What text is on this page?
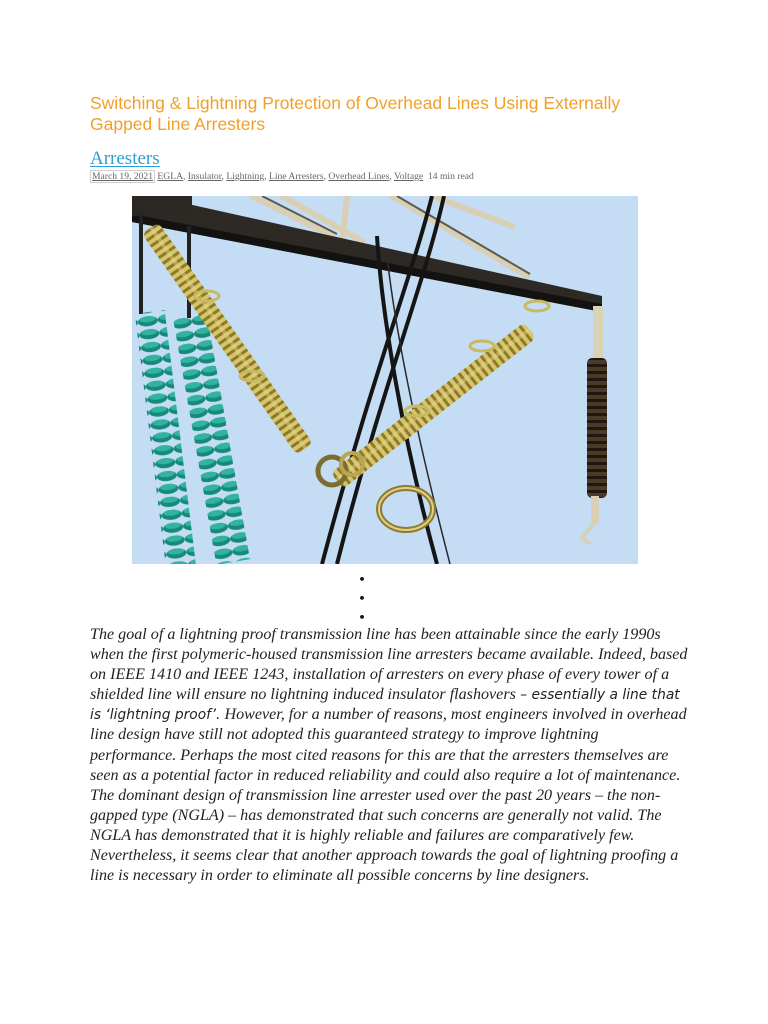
Switching & Lightning Protection of Overhead Lines Using Externally Gapped Line Arresters
Arresters
March 19, 2021 EGLA, Insulator, Lightning, Line Arresters, Overhead Lines, Voltage 14 min read
•
•
•
The goal of a lightning proof transmission line has been attainable since the early 1990s when the first polymeric-housed transmission line arresters became available. Indeed, based on IEEE 1410 and IEEE 1243, installation of arresters on every phase of every tower of a shielded line will ensure no lightning induced insulator flashovers – essentially a line that is ‘lightning proof’. However, for a number of reasons, most engineers involved in overhead line design have still not adopted this guaranteed strategy to improve lightning performance. Perhaps the most cited reasons for this are that the arresters themselves are seen as a potential factor in reduced reliability and could also require a lot of maintenance. The dominant design of transmission line arrester used over the past 20 years – the non-gapped type (NGLA) – has demonstrated that such concerns are generally not valid. The NGLA has demonstrated that it is highly reliable and failures are comparatively few. Nevertheless, it seems clear that another approach towards the goal of lightning proofing a line is necessary in order to eliminate all possible concerns by line designers.
